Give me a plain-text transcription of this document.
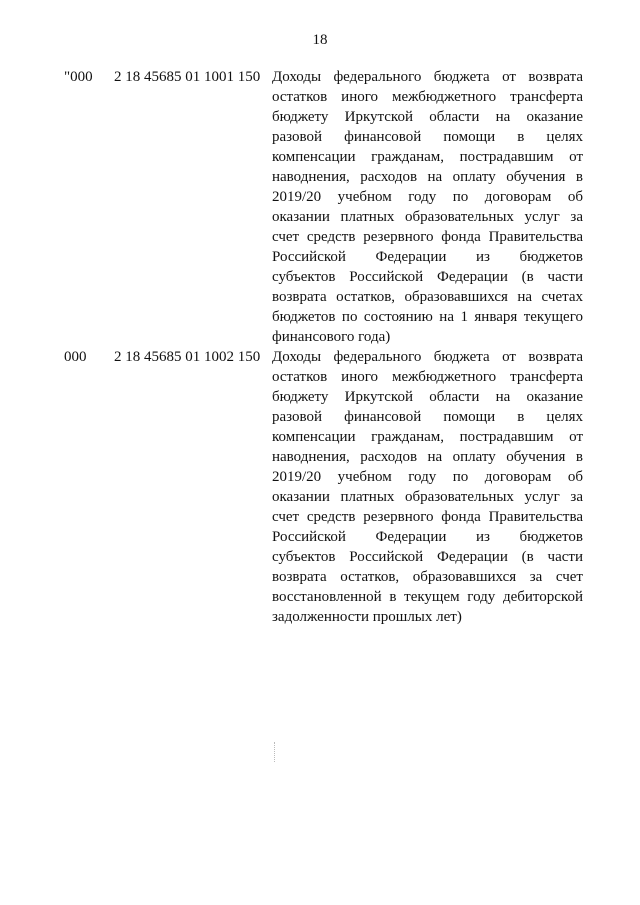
18
"000 2 18 45685 01 1001 150 Доходы федерального бюджета от возврата
остатков иного межбюджетного трансферта
бюджету Иркутской области на оказание
разовой финансовой помощи в целях
компенсации гражданам, пострадавшим от
наводнения, расходов на оплату обучения в
2019/20 учебном году по договорам об
оказании платных образовательных услуг за
счет средств резервного фонда Правительства
Российской Федерации из бюджетов
субъектов Российской Федерации (в части
возврата остатков, образовавшихся на счетах
бюджетов по состоянию на 1 января текущего
финансового года)
000 2 18 45685 01 1002 150 Доходы федерального бюджета от возврата
остатков иного межбюджетного трансферта
бюджету Иркутской области на оказание
разовой финансовой помощи в целях
компенсации гражданам, пострадавшим от
наводнения, расходов на оплату обучения в
2019/20 учебном году по договорам об
оказании платных образовательных услуг за
счет средств резервного фонда Правительства
Российской Федерации из бюджетов
субъектов Российской Федерации (в части
возврата остатков, образовавшихся за счет
восстановленной в текущем году дебиторской
задолженности прошлых лет)
